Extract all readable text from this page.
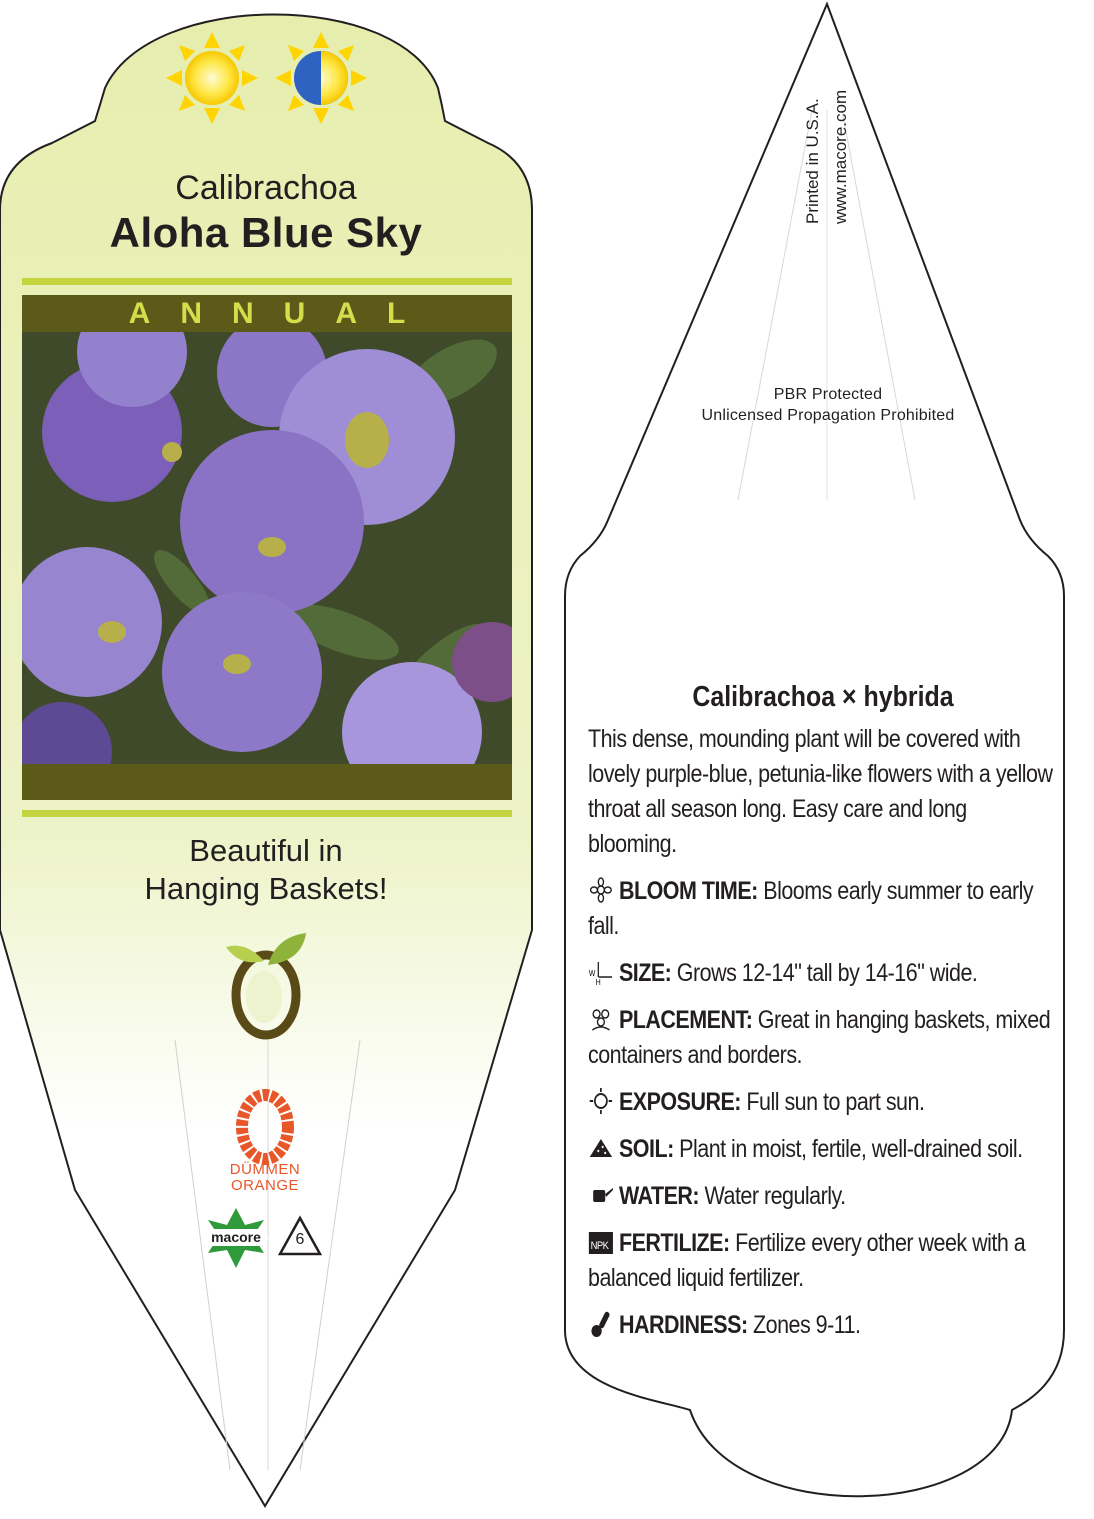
Calibrachoa
Aloha Blue Sky
ANNUAL
Beautiful in
Hanging Baskets!
DÜMMEN ORANGE
macore	6
Printed in U.S.A. www.macore.com
PBR Protected
Unlicensed Propagation Prohibited
Calibrachoa × hybrida
This dense, mounding plant will be covered with lovely purple-blue, petunia-like flowers with a yellow throat all season long. Easy care and long blooming.
BLOOM TIME: Blooms early summer to early fall.
W
H SIZE: Grows 12-14" tall by 14-16" wide.
PLACEMENT: Great in hanging baskets, mixed containers and borders.
EXPOSURE: Full sun to part sun.
SOIL: Plant in moist, fertile, well-drained soil.
WATER: Water regularly.
NPK FERTILIZE: Fertilize every other week with a balanced liquid fertilizer.
HARDINESS: Zones 9-11.
